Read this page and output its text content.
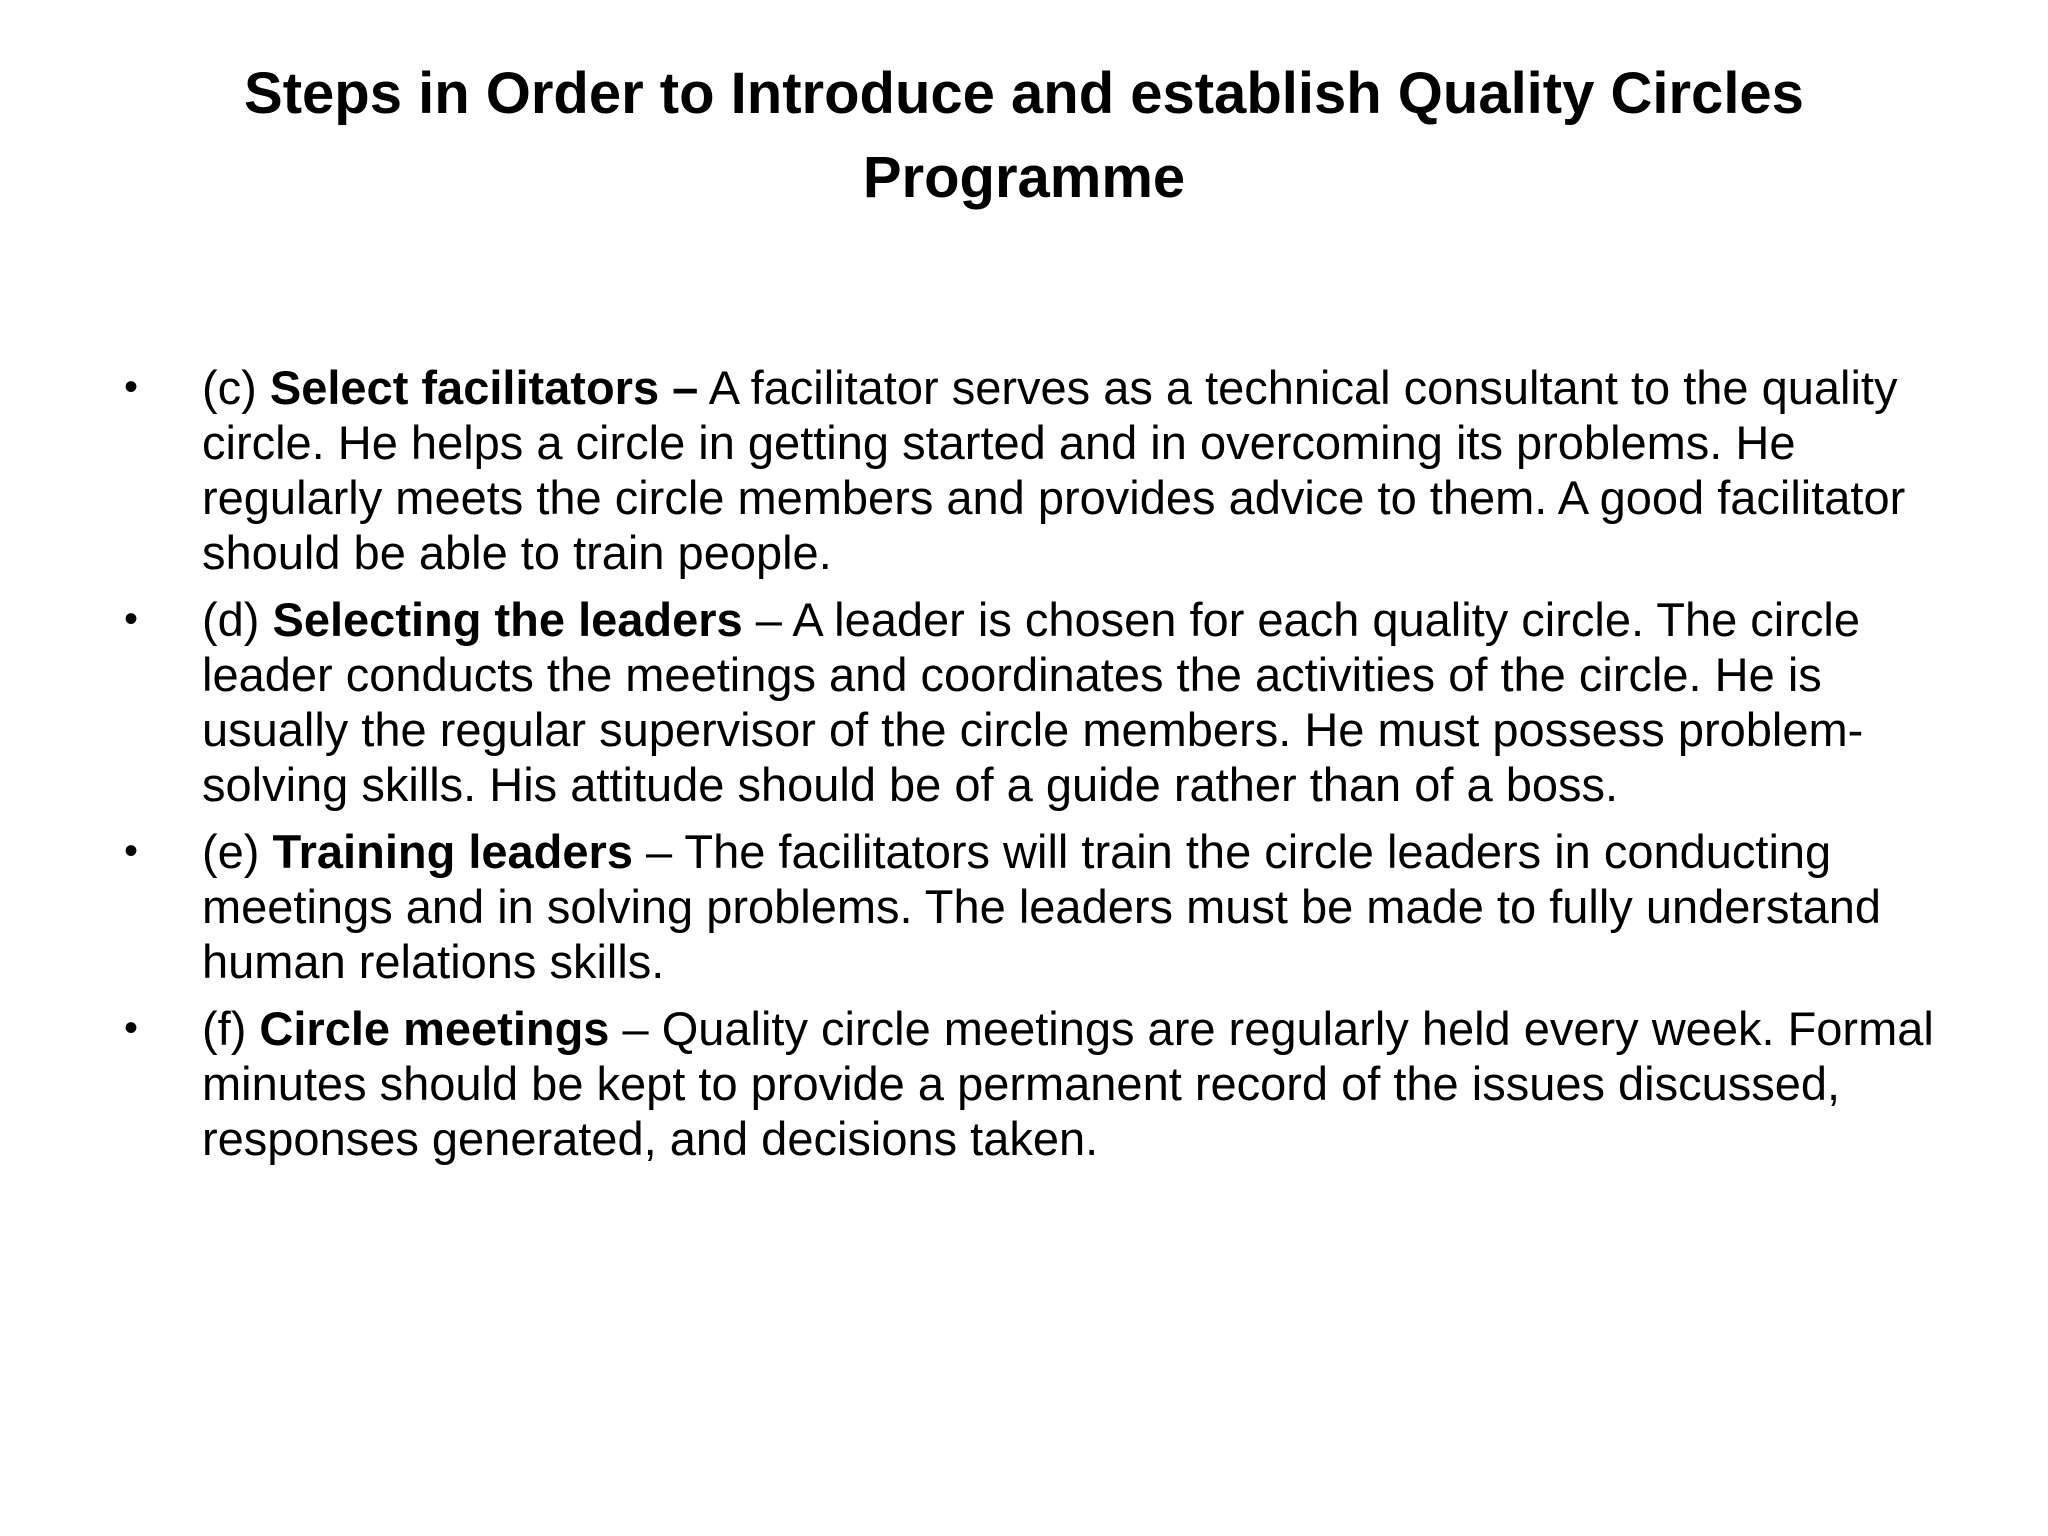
Steps in Order to Introduce and establish Quality Circles
Programme
• (c) Select facilitators – A facilitator serves as a technical consultant to the quality circle. He helps a circle in getting started and in overcoming its problems. He regularly meets the circle members and provides advice to them. A good facilitator should be able to train people.
• (d) Selecting the leaders – A leader is chosen for each quality circle. The circle leader conducts the meetings and coordinates the activities of the circle. He is usually the regular supervisor of the circle members. He must possess problem-solving skills. His attitude should be of a guide rather than of a boss.
• (e) Training leaders – The facilitators will train the circle leaders in conducting meetings and in solving problems. The leaders must be made to fully understand human relations skills.
• (f) Circle meetings – Quality circle meetings are regularly held every week. Formal minutes should be kept to provide a permanent record of the issues discussed, responses generated, and decisions taken.
